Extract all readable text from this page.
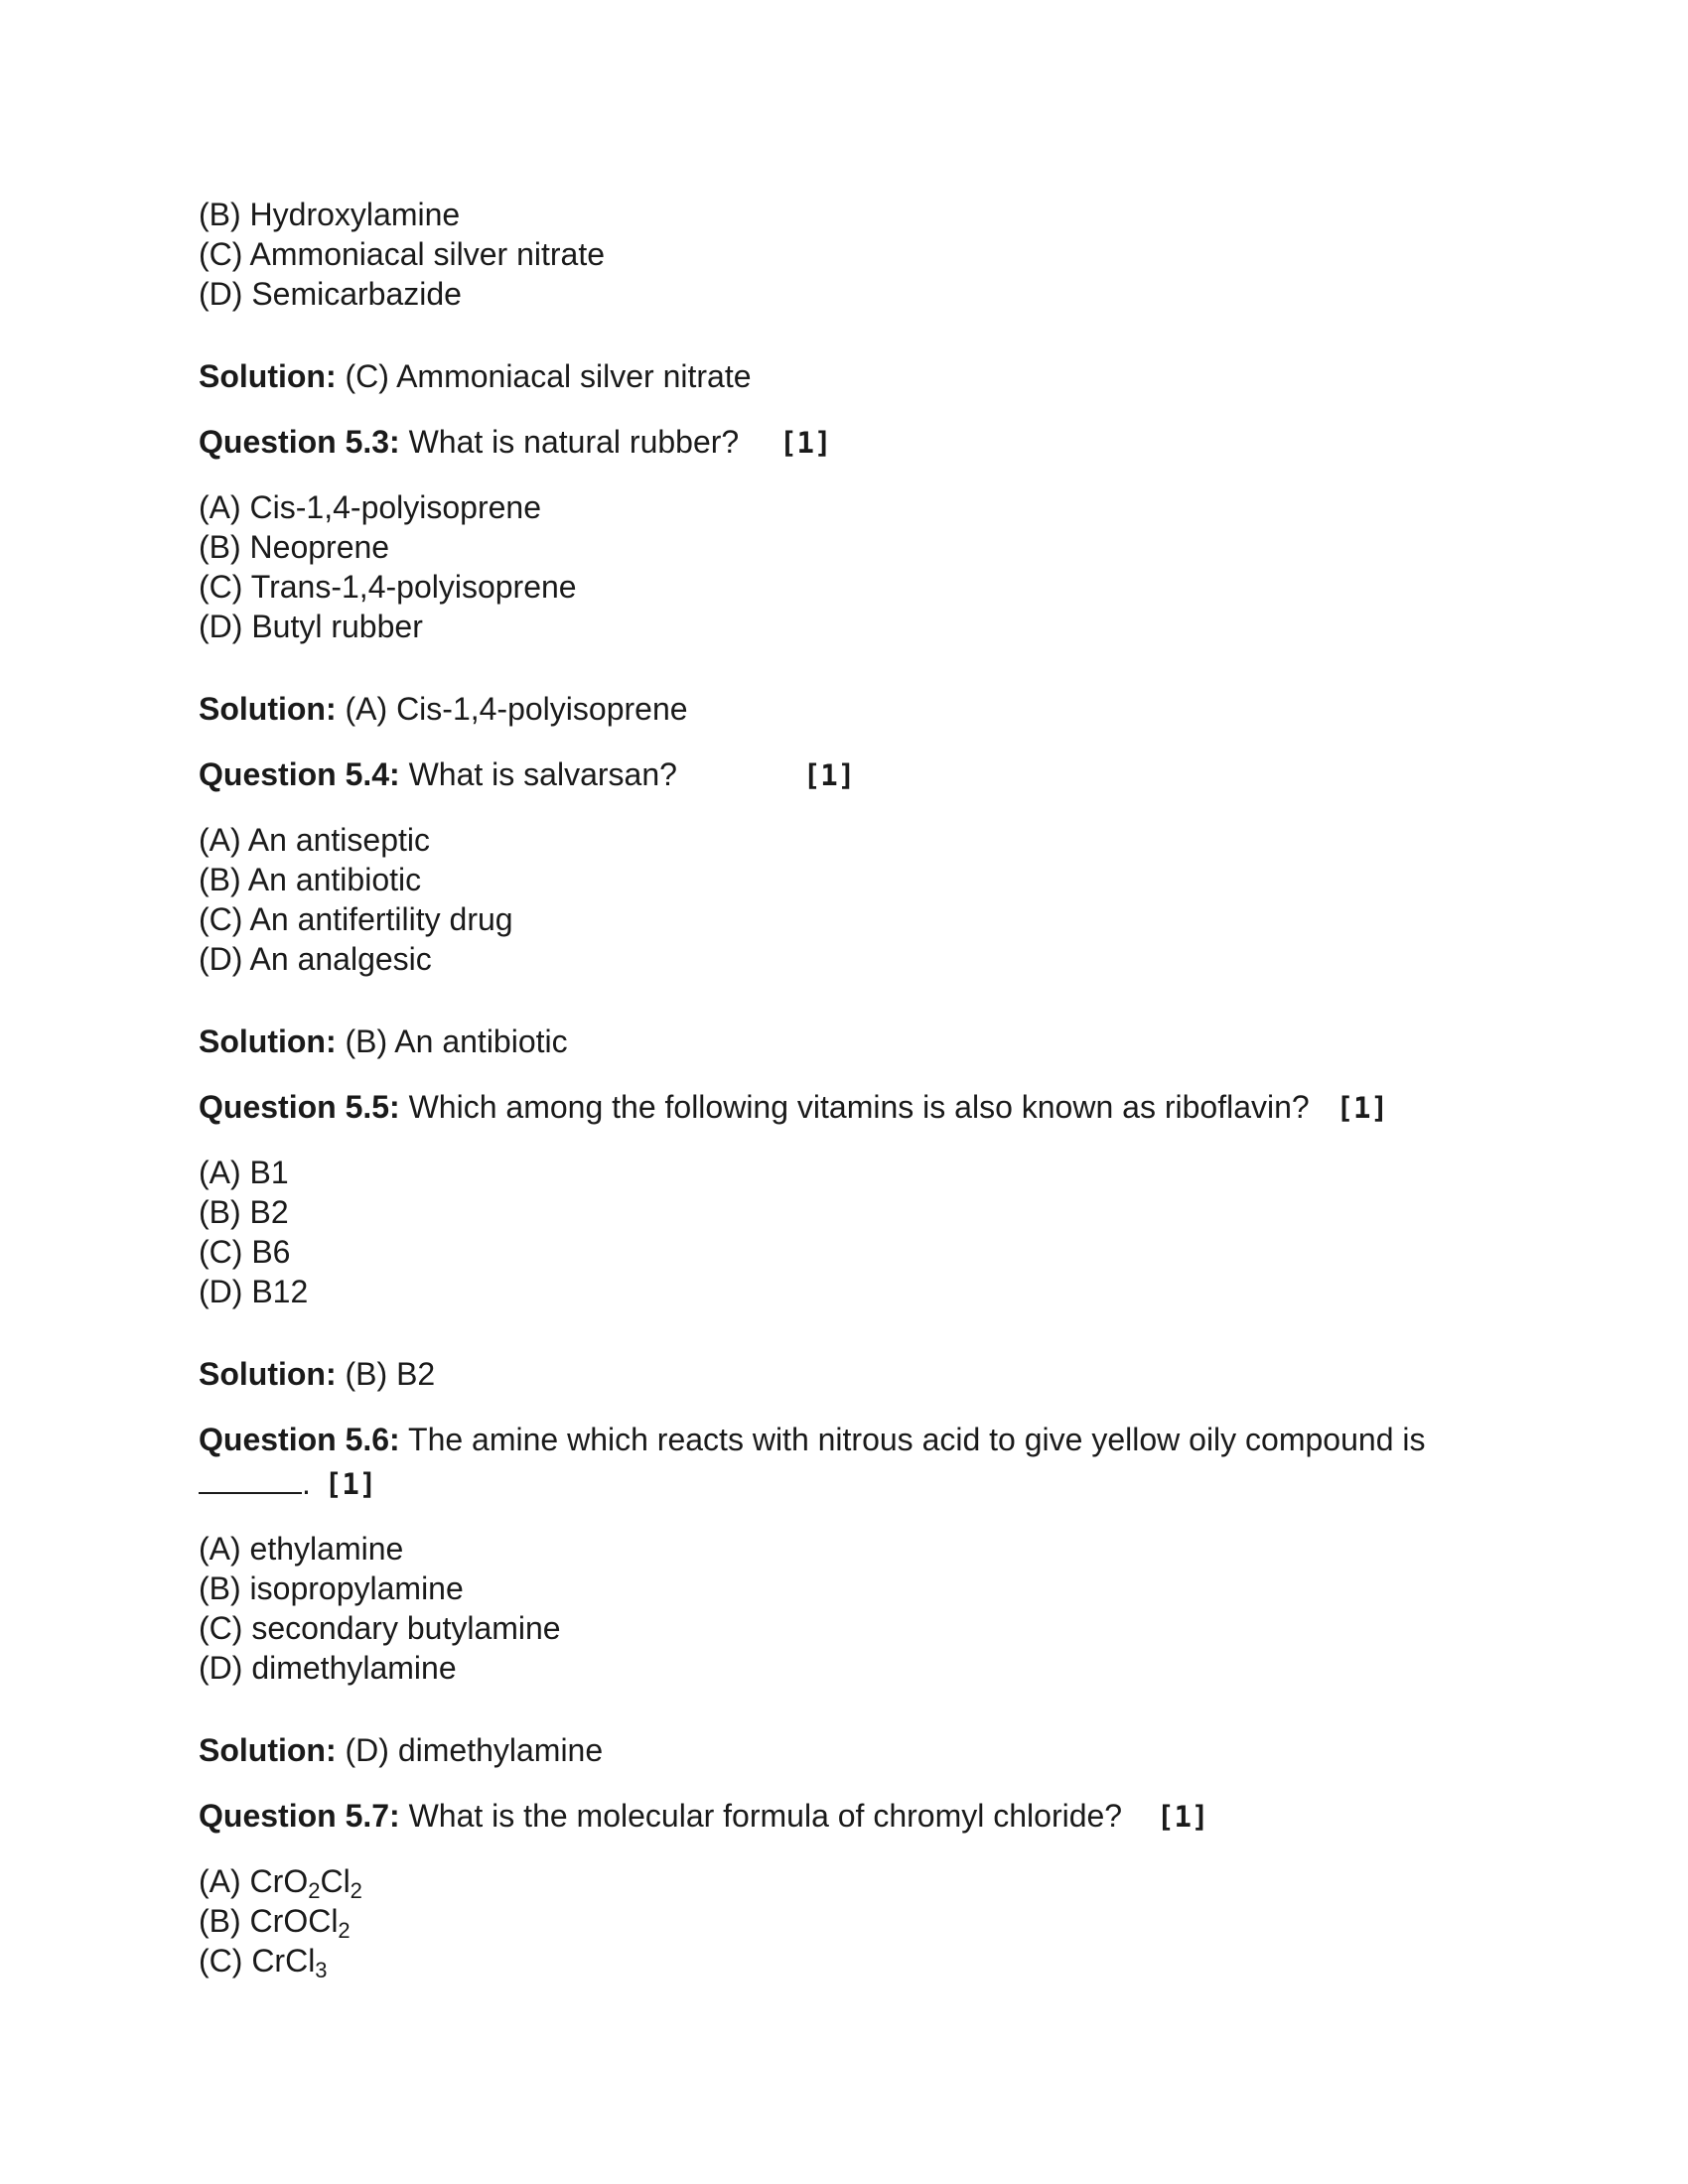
(B) Hydroxylamine
(C) Ammoniacal silver nitrate
(D) Semicarbazide
Solution: (C) Ammoniacal silver nitrate
Question 5.3: What is natural rubber? [1]
(A) Cis-1,4-polyisoprene
(B) Neoprene
(C) Trans-1,4-polyisoprene
(D) Butyl rubber
Solution: (A) Cis-1,4-polyisoprene
Question 5.4: What is salvarsan?	[1]
(A) An antiseptic
(B) An antibiotic
(C) An antifertility drug
(D) An analgesic
Solution: (B) An antibiotic
Question 5.5: Which among the following vitamins is also known as riboflavin? [1]
(A) B1
(B) B2
(C) B6
(D) B12
Solution: (B) B2
Question 5.6: The amine which reacts with nitrous acid to give yellow oily compound is
. [1]
(A) ethylamine
(B) isopropylamine
(C) secondary butylamine
(D) dimethylamine
Solution: (D) dimethylamine
Question 5.7: What is the molecular formula of chromyl chloride? [1]
(A) $CrO_2Cl_2$
(B) CrOCl$_2$
(C) CrCl$_3$
